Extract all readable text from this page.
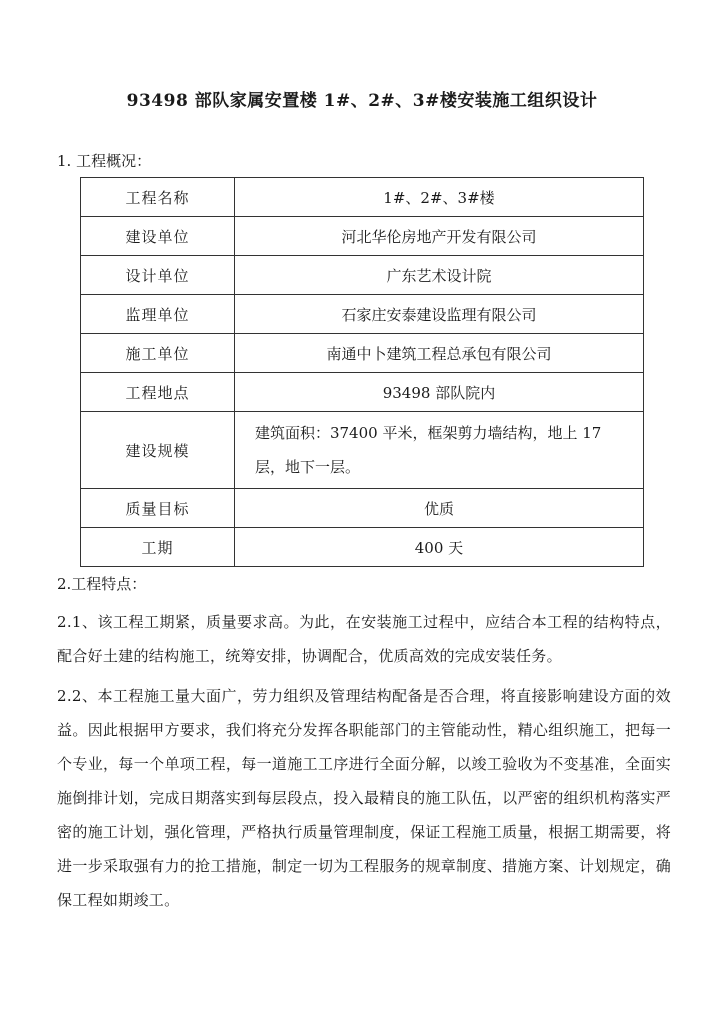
93498 部队家属安置楼 1#、2#、3#楼安装施工组织设计
1. 工程概况：
工程名称	1#、2#、3#楼
建设单位	河北华伦房地产开发有限公司
设计单位	广东艺术设计院
监理单位	石家庄安泰建设监理有限公司
施工单位	南通中卜建筑工程总承包有限公司
工程地点	93498 部队院内
建设规模	建筑面积：37400 平米，框架剪力墙结构，地上 17 层，地下一层。
质量目标	优质
工期	400 天
2.工程特点：

2.1、该工程工期紧，质量要求高。为此，在安装施工过程中，应结合本工程的结构特点，配合好土建的结构施工，统筹安排，协调配合，优质高效的完成安装任务。

2.2、本工程施工量大面广，劳力组织及管理结构配备是否合理，将直接影响建设方面的效益。因此根据甲方要求，我们将充分发挥各职能部门的主管能动性，精心组织施工，把每一个专业，每一个单项工程，每一道施工工序进行全面分解，以竣工验收为不变基准，全面实施倒排计划，完成日期落实到每层段点，投入最精良的施工队伍，以严密的组织机构落实严密的施工计划，强化管理，严格执行质量管理制度，保证工程施工质量，根据工期需要，将进一步采取强有力的抢工措施，制定一切为工程服务的规章制度、措施方案、计划规定，确保工程如期竣工。
